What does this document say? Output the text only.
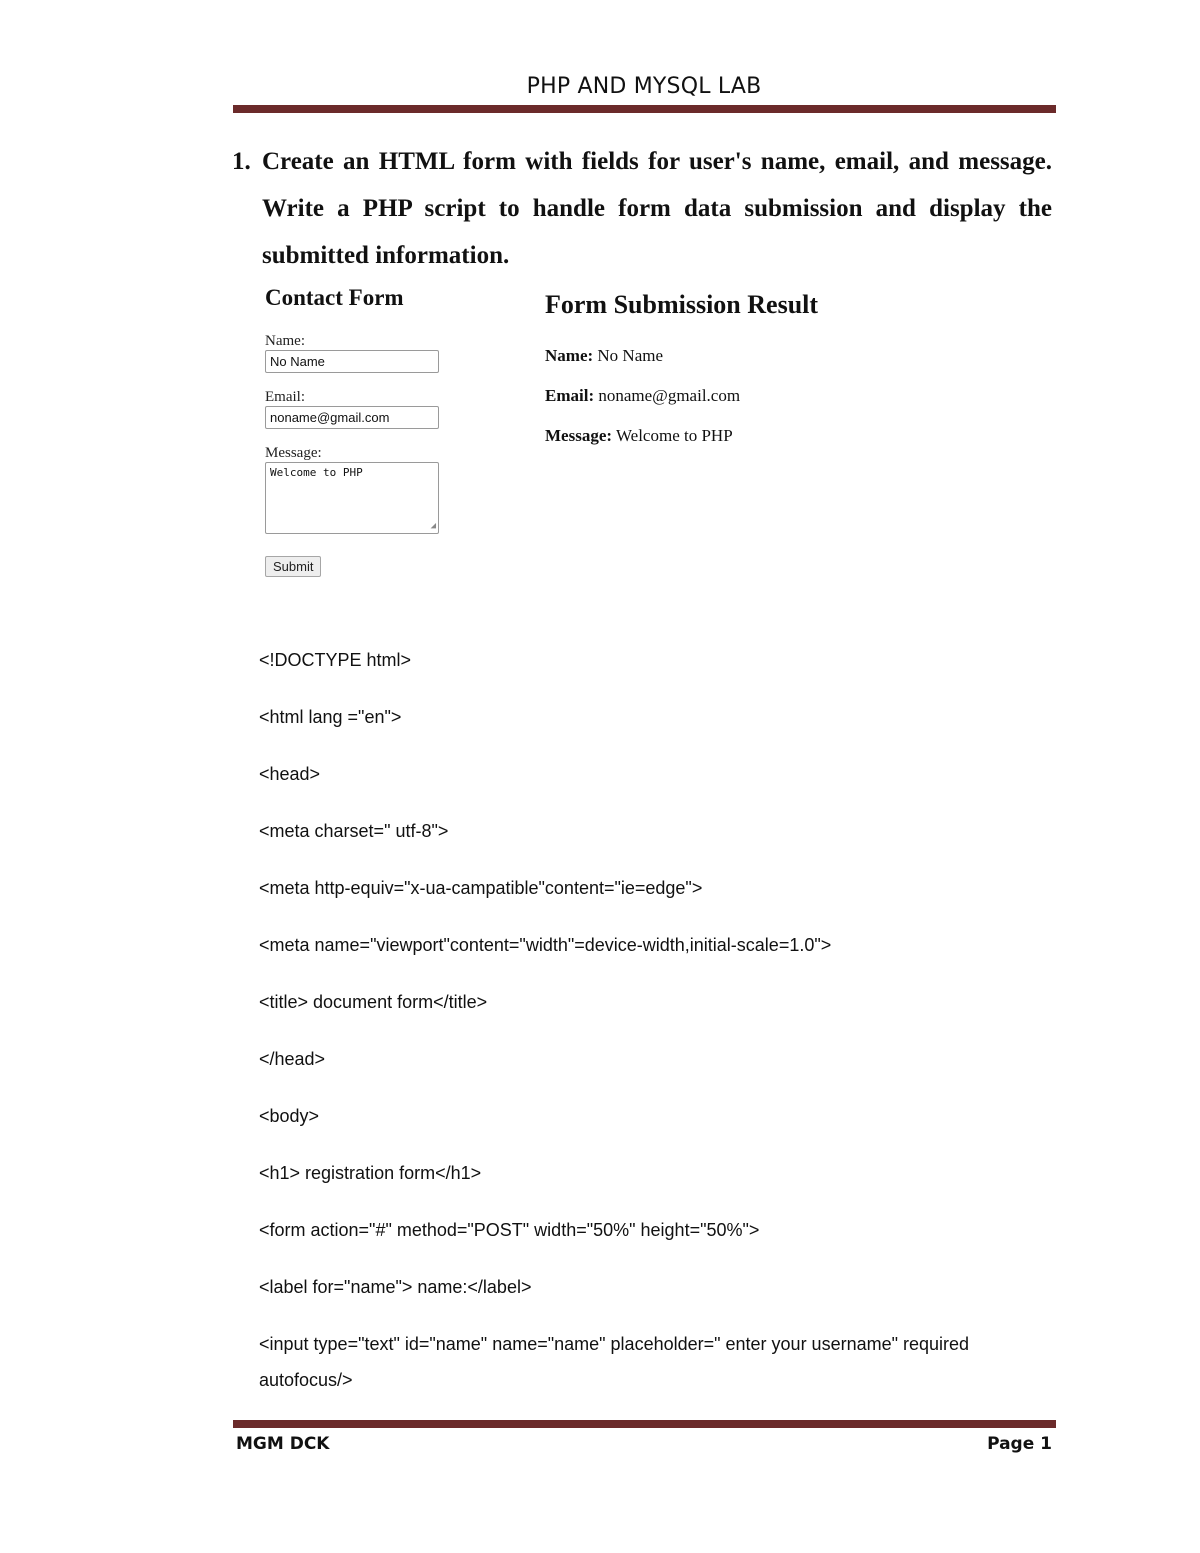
PHP AND MYSQL LAB
1. Create an HTML form with fields for user's name, email, and message. Write a PHP script to handle form data submission and display the submitted information.
Contact Form
Name:
No Name
Email:
noname@gmail.com
Message:
Welcome to PHP
◢
Submit
Form Submission Result
Name: No Name
Email: noname@gmail.com
Message: Welcome to PHP
<!DOCTYPE html>
<html lang ="en">
<head>
<meta charset=" utf-8">
<meta http-equiv="x-ua-campatible"content="ie=edge">
<meta name="viewport"content="width"=device-width,initial-scale=1.0">
<title> document form</title>
</head>
<body>
<h1> registration form</h1>
<form action="#" method="POST" width="50%" height="50%">
<label for="name"> name:</label>
<input type="text" id="name" name="name" placeholder=" enter your username" required autofocus/>
MGM DCK	Page 1
